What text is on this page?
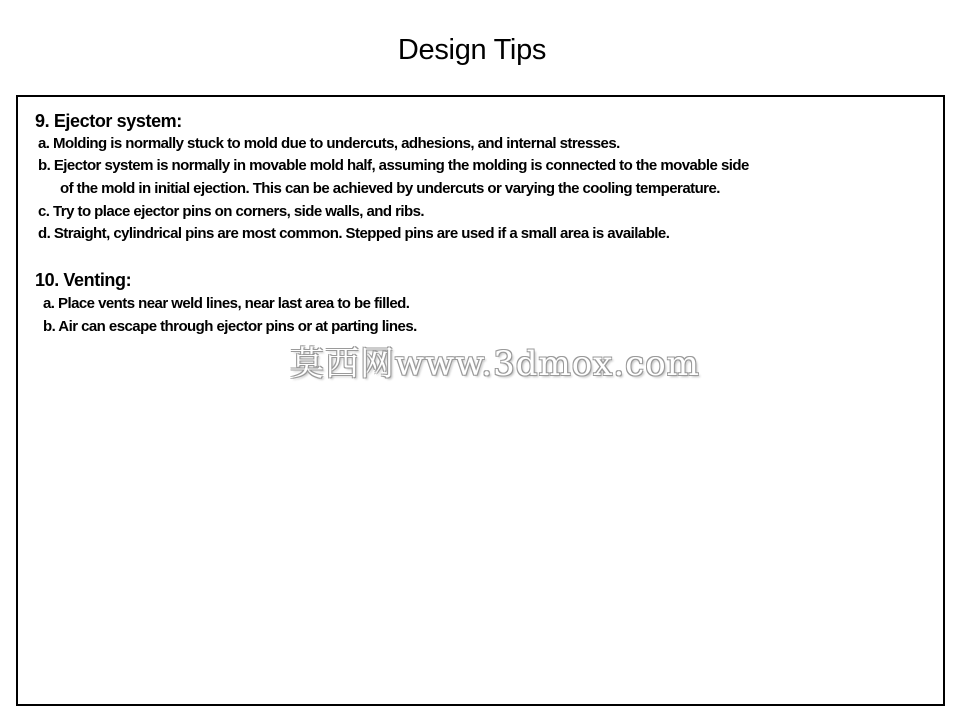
Design Tips
9. Ejector system:
a. Molding is normally stuck to mold due to undercuts, adhesions, and internal stresses.
b. Ejector system is normally in movable mold half, assuming the molding is connected to the movable side
of the mold in initial ejection. This can be achieved by undercuts or varying the cooling temperature.
c. Try to place ejector pins on corners, side walls, and ribs.
d. Straight, cylindrical pins are most common. Stepped pins are used if a small area is available.
10. Venting:
a. Place vents near weld lines, near last area to be filled.
b. Air can escape through ejector pins or at parting lines.
莫西网www.3dmox.com
